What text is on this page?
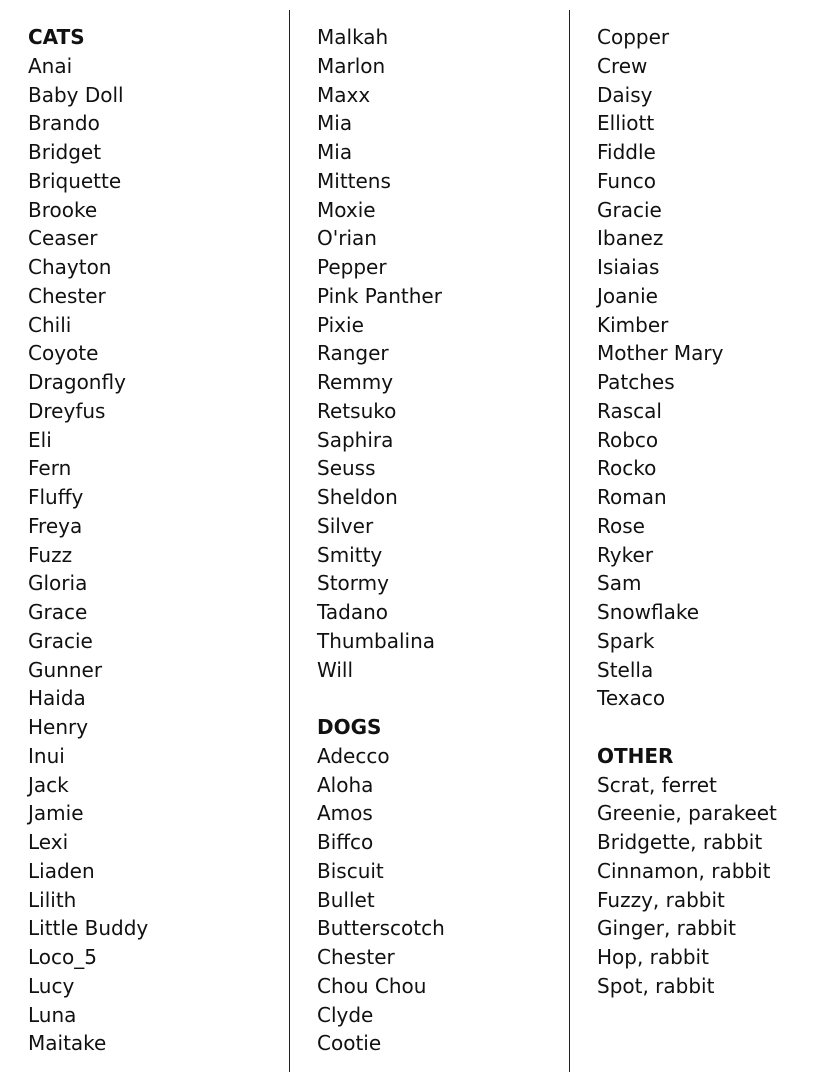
CATS
Anai
Baby Doll
Brando
Bridget
Briquette
Brooke
Ceaser
Chayton
Chester
Chili
Coyote
Dragonfly
Dreyfus
Eli
Fern
Fluffy
Freya
Fuzz
Gloria
Grace
Gracie
Gunner
Haida
Henry
Inui
Jack
Jamie
Lexi
Liaden
Lilith
Little Buddy
Loco_5
Lucy
Luna
Maitake
Malkah
Marlon
Maxx
Mia
Mia
Mittens
Moxie
O'rian
Pepper
Pink Panther
Pixie
Ranger
Remmy
Retsuko
Saphira
Seuss
Sheldon
Silver
Smitty
Stormy
Tadano
Thumbalina
Will
DOGS
Adecco
Aloha
Amos
Biffco
Biscuit
Bullet
Butterscotch
Chester
Chou Chou
Clyde
Cootie
Copper
Crew
Daisy
Elliott
Fiddle
Funco
Gracie
Ibanez
Isiaias
Joanie
Kimber
Mother Mary
Patches
Rascal
Robco
Rocko
Roman
Rose
Ryker
Sam
Snowflake
Spark
Stella
Texaco
OTHER
Scrat, ferret
Greenie, parakeet
Bridgette, rabbit
Cinnamon, rabbit
Fuzzy, rabbit
Ginger, rabbit
Hop, rabbit
Spot, rabbit
